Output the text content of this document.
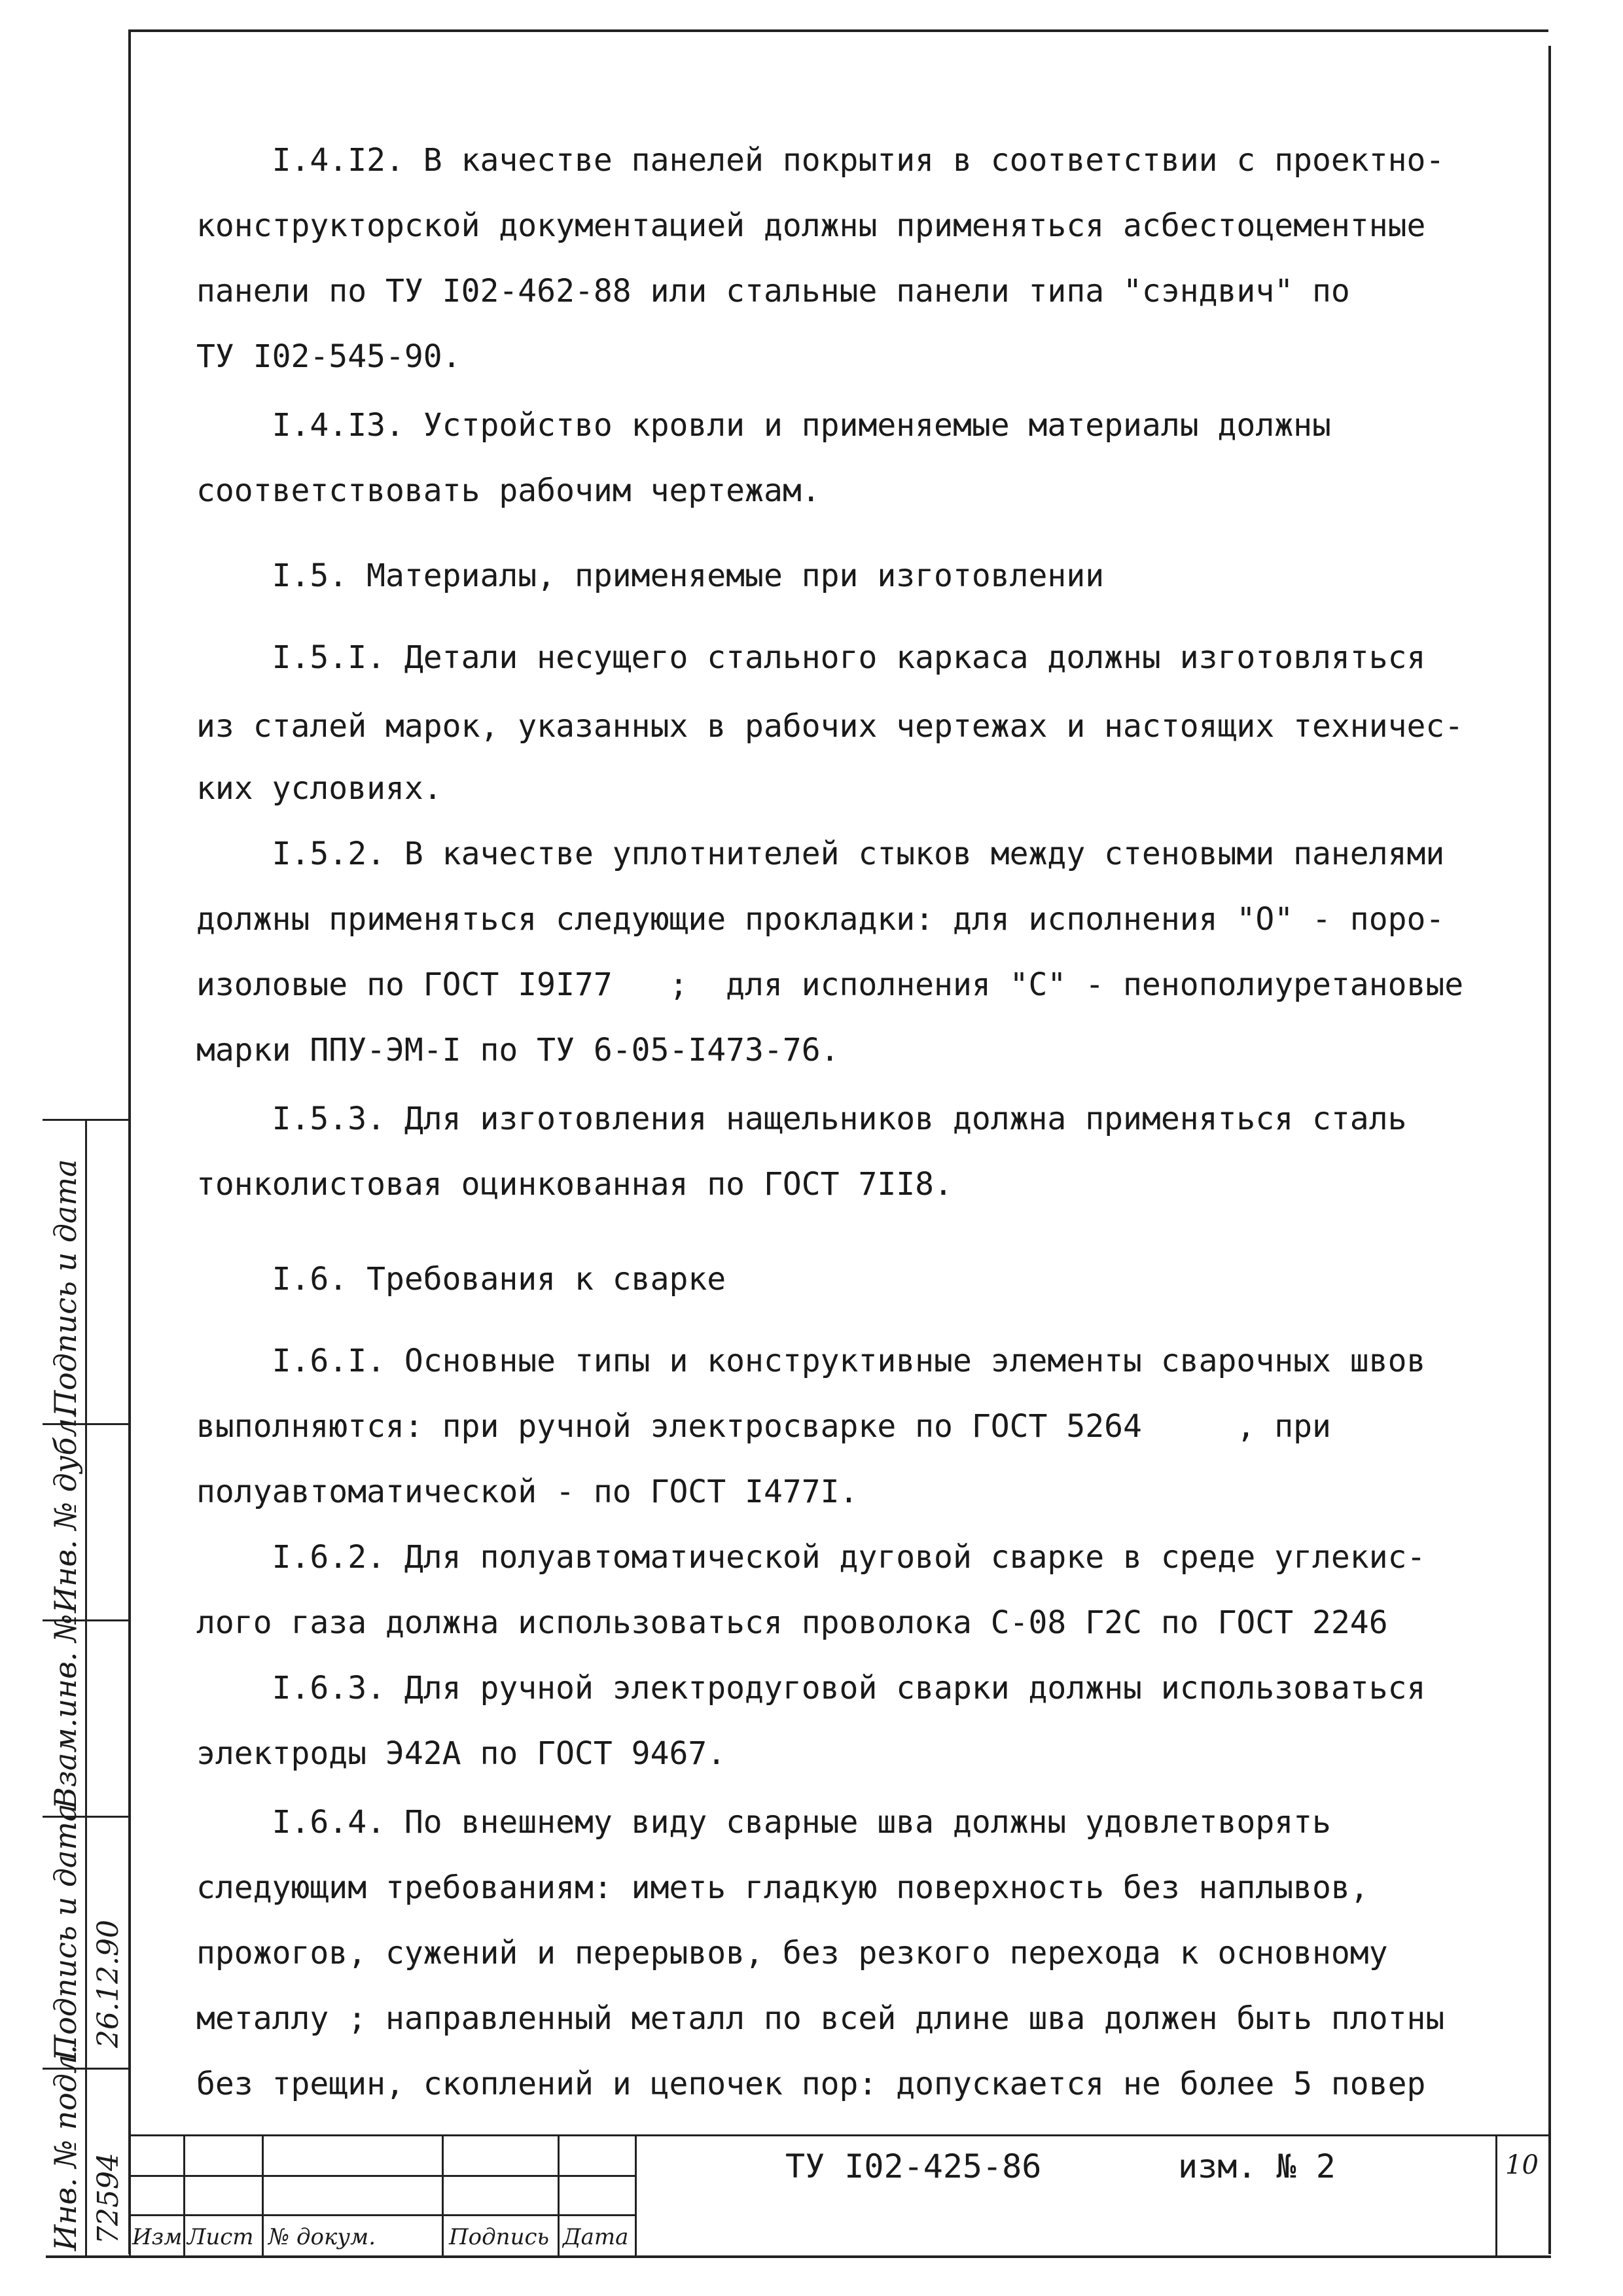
I.4.I2. В качестве панелей покрытия в соответствии с проектно-
конструкторской документацией должны применяться асбестоцементные
панели по ТУ I02-462-88 или стальные панели типа "сэндвич" по
ТУ I02-545-90.
I.4.I3. Устройство кровли и применяемые материалы должны
соответствовать рабочим чертежам.
I.5. Материалы, применяемые при изготовлении
I.5.I. Детали несущего стального каркаса должны изготовляться
из сталей марок, указанных в рабочих чертежах и настоящих техничес-
ких условиях.
I.5.2. В качестве уплотнителей стыков между стеновыми панелями
должны применяться следующие прокладки: для исполнения "О" - поро-
изоловые по ГОСТ I9I77   ;  для исполнения "С" - пенополиуретановые
марки ППУ-ЭМ-I по ТУ 6-05-I473-76.
I.5.3. Для изготовления нащельников должна применяться сталь
тонколистовая оцинкованная по ГОСТ 7II8.
I.6. Требования к сварке
I.6.I. Основные типы и конструктивные элементы сварочных швов
выполняются: при ручной электросварке по ГОСТ 5264     , при
полуавтоматической - по ГОСТ I477I.
I.6.2. Для полуавтоматической дуговой сварке в среде углекис-
лого газа должна использоваться проволока С-08 Г2С по ГОСТ 2246
I.6.3. Для ручной электродуговой сварки должны использоваться
электроды Э42А по ГОСТ 9467.
I.6.4. По внешнему виду сварные шва должны удовлетворять
следующим требованиям: иметь гладкую поверхность без наплывов,
прожогов, сужений и перерывов, без резкого перехода к основному
металлу ; направленный металл по всей длине шва должен быть плотны
без трещин, скоплений и цепочек пор: допускается не более 5 повер
Подпись и дата
Инв. № дубл.
Взам.инв. №
Подпись и дата
Инв. № подл.
26.12.90
72594 Изм Лист № докум.	Подпись Дата
ТУ I02-425-86	изм. № 2	10
